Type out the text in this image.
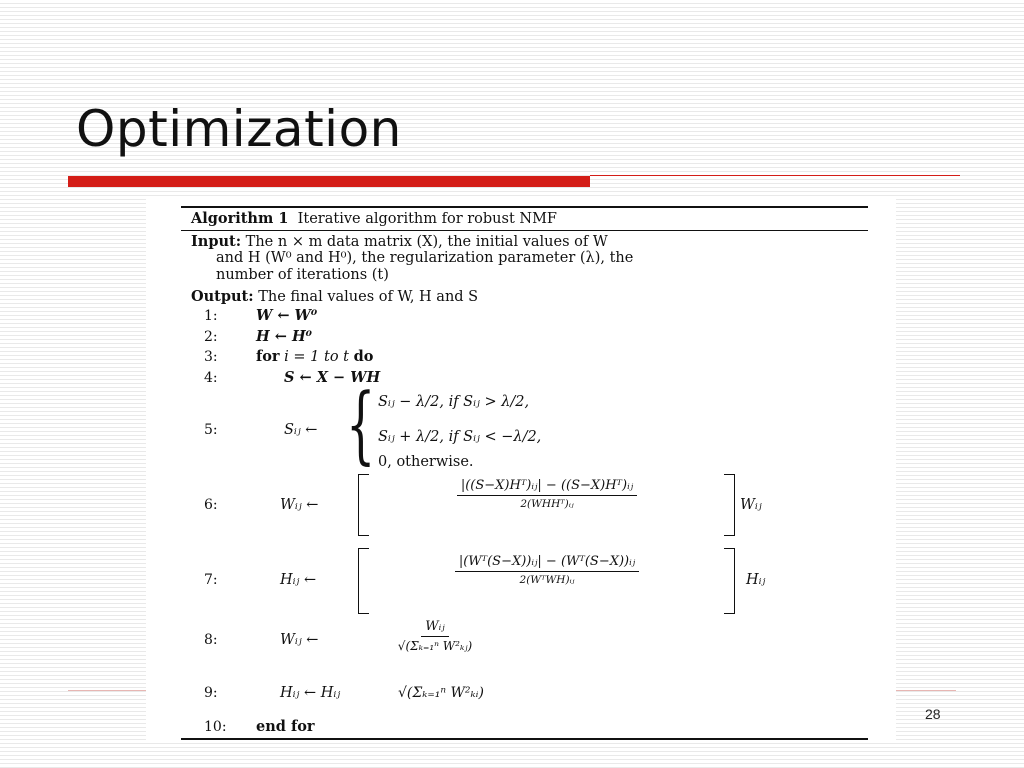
Optimization
28
Algorithm 1 Iterative algorithm for robust NMF
Input: The n × m data matrix (X), the initial values of W
and H (W⁰ and H⁰), the regularization parameter (λ), the
number of iterations (t)
Output: The final values of W, H and S
1:
2:
3:
4:
5:
6:
7:
8:
9:
10:
W ← W⁰
H ← H⁰
for i = 1 to t do
S ← X − WH
Sᵢⱼ ← { Sᵢⱼ − λ/2, if Sᵢⱼ > λ/2,
Sᵢⱼ + λ/2, if Sᵢⱼ < −λ/2,
0, otherwise.
Wᵢⱼ ←
|((S−X)Hᵀ)ᵢⱼ| − ((S−X)Hᵀ)ᵢⱼ
2(WHHᵀ)ᵢⱼ	Wᵢⱼ
Hᵢⱼ ←
|(Wᵀ(S−X))ᵢⱼ| − (Wᵀ(S−X))ᵢⱼ
2(WᵀWH)ᵢⱼ	Hᵢⱼ
Wᵢⱼ ←
Wᵢⱼ
√(Σₖ₌₁ⁿ W²ₖⱼ)
Hᵢⱼ ← Hᵢⱼ	√(Σₖ₌₁ⁿ W²ₖᵢ)
end for
